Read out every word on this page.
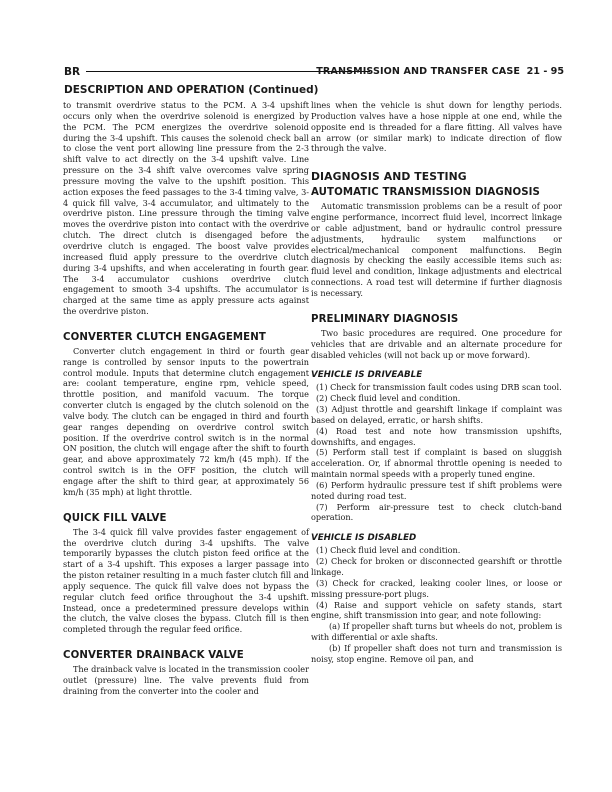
BR	TRANSMISSION AND TRANSFER CASE 21 - 95
DESCRIPTION AND OPERATION (Continued)

to transmit overdrive status to the PCM. A 3-4 upshift occurs only when the overdrive solenoid is energized by the PCM. The PCM energizes the overdrive solenoid during the 3-4 upshift. This causes the solenoid check ball to close the vent port allowing line pressure from the 2-3 shift valve to act directly on the 3-4 upshift valve. Line pressure on the 3-4 shift valve overcomes valve spring pressure moving the valve to the upshift position. This action exposes the feed passages to the 3-4 timing valve, 3-4 quick fill valve, 3-4 accumulator, and ultimately to the overdrive piston. Line pressure through the timing valve moves the overdrive piston into contact with the overdrive clutch. The direct clutch is disengaged before the overdrive clutch is engaged. The boost valve provides increased fluid apply pressure to the overdrive clutch during 3-4 upshifts, and when accelerating in fourth gear. The 3-4 accumulator cushions overdrive clutch engagement to smooth 3-4 upshifts. The accumulator is charged at the same time as apply pressure acts against the overdrive piston.

CONVERTER CLUTCH ENGAGEMENT

Converter clutch engagement in third or fourth gear range is controlled by sensor inputs to the powertrain control module. Inputs that determine clutch engagement are: coolant temperature, engine rpm, vehicle speed, throttle position, and manifold vacuum. The torque converter clutch is engaged by the clutch solenoid on the valve body. The clutch can be engaged in third and fourth gear ranges depending on overdrive control switch position. If the overdrive control switch is in the normal ON position, the clutch will engage after the shift to fourth gear, and above approximately 72 km/h (45 mph). If the control switch is in the OFF position, the clutch will engage after the shift to third gear, at approximately 56 km/h (35 mph) at light throttle.

QUICK FILL VALVE

The 3-4 quick fill valve provides faster engagement of the overdrive clutch during 3-4 upshifts. The valve temporarily bypasses the clutch piston feed orifice at the start of a 3-4 upshift. This exposes a larger passage into the piston retainer resulting in a much faster clutch fill and apply sequence. The quick fill valve does not bypass the regular clutch feed orifice throughout the 3-4 upshift. Instead, once a predetermined pressure develops within the clutch, the valve closes the bypass. Clutch fill is then completed through the regular feed orifice.

CONVERTER DRAINBACK VALVE

The drainback valve is located in the transmission cooler outlet (pressure) line. The valve prevents fluid from draining from the converter into the cooler and

lines when the vehicle is shut down for lengthy periods. Production valves have a hose nipple at one end, while the opposite end is threaded for a flare fitting. All valves have an arrow (or similar mark) to indicate direction of flow through the valve.

DIAGNOSIS AND TESTING
AUTOMATIC TRANSMISSION DIAGNOSIS

Automatic transmission problems can be a result of poor engine performance, incorrect fluid level, incorrect linkage or cable adjustment, band or hydraulic control pressure adjustments, hydraulic system malfunctions or electrical/mechanical component malfunctions. Begin diagnosis by checking the easily accessible items such as: fluid level and condition, linkage adjustments and electrical connections. A road test will determine if further diagnosis is necessary.

PRELIMINARY DIAGNOSIS

Two basic procedures are required. One procedure for vehicles that are drivable and an alternate procedure for disabled vehicles (will not back up or move forward).

VEHICLE IS DRIVEABLE

(1) Check for transmission fault codes using DRB scan tool.

(2) Check fluid level and condition.

(3) Adjust throttle and gearshift linkage if complaint was based on delayed, erratic, or harsh shifts.

(4) Road test and note how transmission upshifts, downshifts, and engages.

(5) Perform stall test if complaint is based on sluggish acceleration. Or, if abnormal throttle opening is needed to maintain normal speeds with a properly tuned engine.

(6) Perform hydraulic pressure test if shift problems were noted during road test.

(7) Perform air-pressure test to check clutch-band operation.

VEHICLE IS DISABLED

(1) Check fluid level and condition.

(2) Check for broken or disconnected gearshift or throttle linkage.

(3) Check for cracked, leaking cooler lines, or loose or missing pressure-port plugs.

(4) Raise and support vehicle on safety stands, start engine, shift transmission into gear, and note following:

(a) If propeller shaft turns but wheels do not, problem is with differential or axle shafts.

(b) If propeller shaft does not turn and transmission is noisy, stop engine. Remove oil pan, and
